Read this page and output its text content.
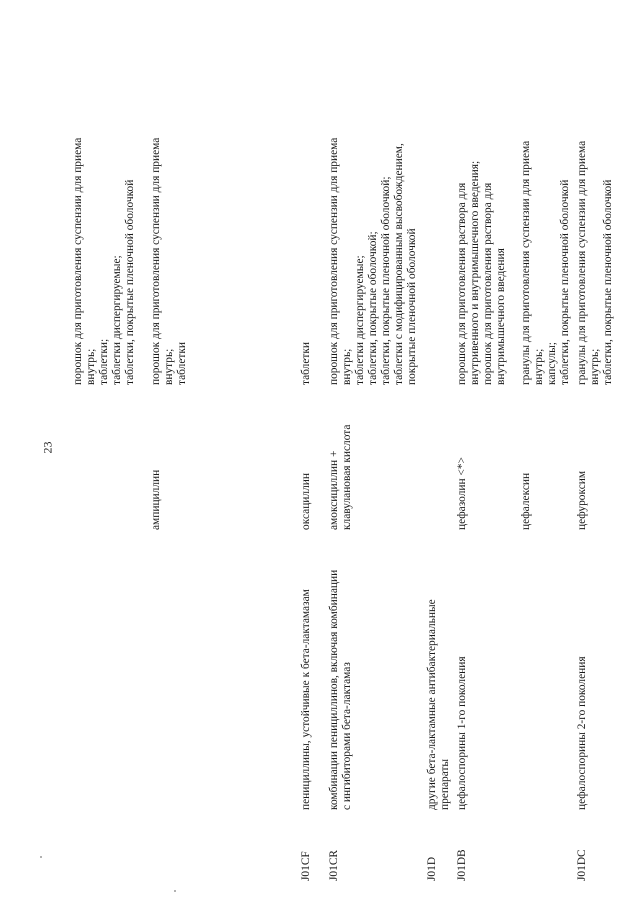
23
порошок для приготовления суспензии для приема внутрь; таблетки; таблетки диспергируемые; таблетки, покрытые пленочной оболочкой
ампициллин
порошок для приготовления суспензии для приема внутрь; таблетки
J01CF
пенициллины, устойчивые к бета-лактамазам
оксациллин
таблетки
J01CR
комбинации пенициллинов, включая комбинации с ингибиторами бета-лактамаз
амоксициллин + клавулановая кислота
порошок для приготовления суспензии для приема внутрь; таблетки диспергируемые; таблетки, покрытые оболочкой; таблетки, покрытые пленочной оболочкой; таблетки с модифицированным высвобождением, покрытые пленочной оболочкой
J01D
другие бета-лактамные антибактериальные препараты
J01DB
цефалоспорины 1-го поколения
цефазолин <*>
порошок для приготовления раствора для внутривенного и внутримышечного введения; порошок для приготовления раствора для внутримышечного введения
цефалексин
гранулы для приготовления суспензии для приема внутрь; капсулы; таблетки, покрытые пленочной оболочкой
J01DC
цефалоспорины 2-го поколения
цефуроксим
гранулы для приготовления суспензии для приема внутрь; таблетки, покрытые пленочной оболочкой
